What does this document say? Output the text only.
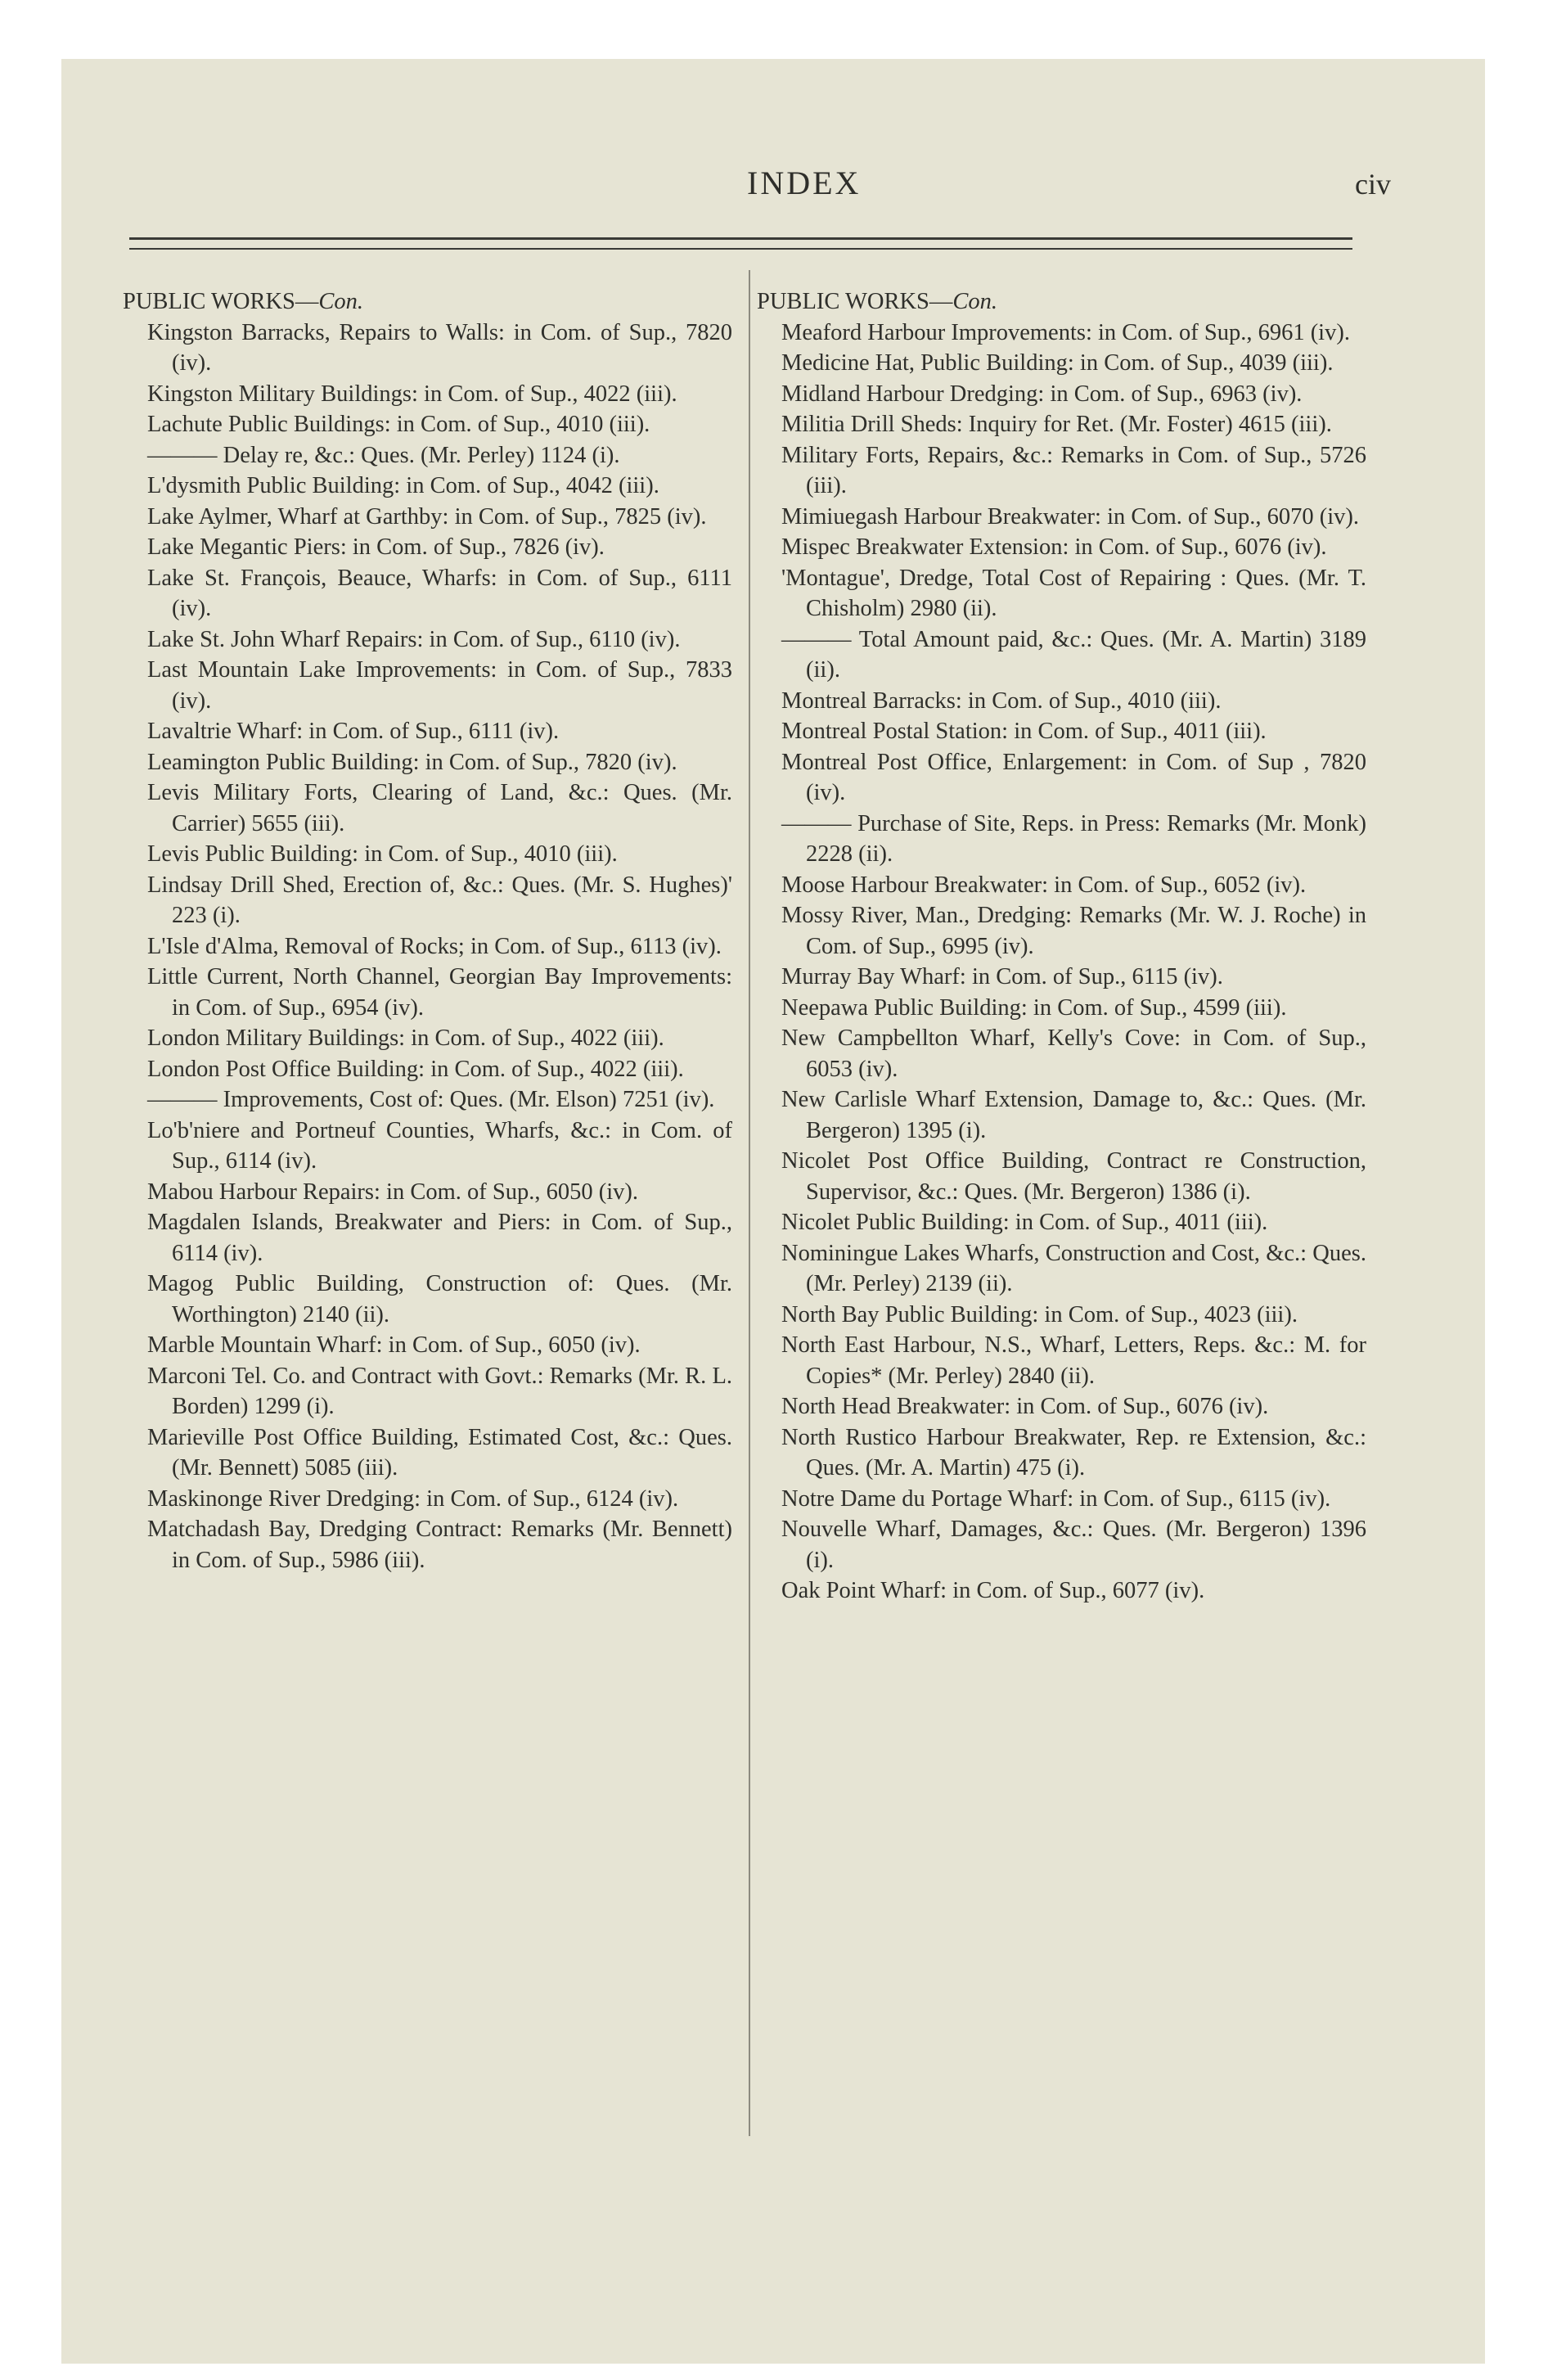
INDEX	civ
PUBLIC WORKS—Con.

Kingston Barracks, Repairs to Walls: in Com. of Sup., 7820 (iv).

Kingston Military Buildings: in Com. of Sup., 4022 (iii).

Lachute Public Buildings: in Com. of Sup., 4010 (iii).

——— Delay re, &c.: Ques. (Mr. Perley) 1124 (i).

L'dysmith Public Building: in Com. of Sup., 4042 (iii).

Lake Aylmer, Wharf at Garthby: in Com. of Sup., 7825 (iv).

Lake Megantic Piers: in Com. of Sup., 7826 (iv).

Lake St. François, Beauce, Wharfs: in Com. of Sup., 6111 (iv).

Lake St. John Wharf Repairs: in Com. of Sup., 6110 (iv).

Last Mountain Lake Improvements: in Com. of Sup., 7833 (iv).

Lavaltrie Wharf: in Com. of Sup., 6111 (iv).

Leamington Public Building: in Com. of Sup., 7820 (iv).

Levis Military Forts, Clearing of Land, &c.: Ques. (Mr. Carrier) 5655 (iii).

Levis Public Building: in Com. of Sup., 4010 (iii).

Lindsay Drill Shed, Erection of, &c.: Ques. (Mr. S. Hughes)' 223 (i).

L'Isle d'Alma, Removal of Rocks; in Com. of Sup., 6113 (iv).

Little Current, North Channel, Georgian Bay Improvements: in Com. of Sup., 6954 (iv).

London Military Buildings: in Com. of Sup., 4022 (iii).

London Post Office Building: in Com. of Sup., 4022 (iii).

——— Improvements, Cost of: Ques. (Mr. Elson) 7251 (iv).

Lo'b'niere and Portneuf Counties, Wharfs, &c.: in Com. of Sup., 6114 (iv).

Mabou Harbour Repairs: in Com. of Sup., 6050 (iv).

Magdalen Islands, Breakwater and Piers: in Com. of Sup., 6114 (iv).

Magog Public Building, Construction of: Ques. (Mr. Worthington) 2140 (ii).

Marble Mountain Wharf: in Com. of Sup., 6050 (iv).

Marconi Tel. Co. and Contract with Govt.: Remarks (Mr. R. L. Borden) 1299 (i).

Marieville Post Office Building, Estimated Cost, &c.: Ques. (Mr. Bennett) 5085 (iii).

Maskinonge River Dredging: in Com. of Sup., 6124 (iv).

Matchadash Bay, Dredging Contract: Remarks (Mr. Bennett) in Com. of Sup., 5986 (iii).

PUBLIC WORKS—Con.

Meaford Harbour Improvements: in Com. of Sup., 6961 (iv).

Medicine Hat, Public Building: in Com. of Sup., 4039 (iii).

Midland Harbour Dredging: in Com. of Sup., 6963 (iv).

Militia Drill Sheds: Inquiry for Ret. (Mr. Foster) 4615 (iii).

Military Forts, Repairs, &c.: Remarks in Com. of Sup., 5726 (iii).

Mimiuegash Harbour Breakwater: in Com. of Sup., 6070 (iv).

Mispec Breakwater Extension: in Com. of Sup., 6076 (iv).

'Montague', Dredge, Total Cost of Repairing : Ques. (Mr. T. Chisholm) 2980 (ii).

——— Total Amount paid, &c.: Ques. (Mr. A. Martin) 3189 (ii).

Montreal Barracks: in Com. of Sup., 4010 (iii).

Montreal Postal Station: in Com. of Sup., 4011 (iii).

Montreal Post Office, Enlargement: in Com. of Sup , 7820 (iv).

——— Purchase of Site, Reps. in Press: Remarks (Mr. Monk) 2228 (ii).

Moose Harbour Breakwater: in Com. of Sup., 6052 (iv).

Mossy River, Man., Dredging: Remarks (Mr. W. J. Roche) in Com. of Sup., 6995 (iv).

Murray Bay Wharf: in Com. of Sup., 6115 (iv).

Neepawa Public Building: in Com. of Sup., 4599 (iii).

New Campbellton Wharf, Kelly's Cove: in Com. of Sup., 6053 (iv).

New Carlisle Wharf Extension, Damage to, &c.: Ques. (Mr. Bergeron) 1395 (i).

Nicolet Post Office Building, Contract re Construction, Supervisor, &c.: Ques. (Mr. Bergeron) 1386 (i).

Nicolet Public Building: in Com. of Sup., 4011 (iii).

Nominingue Lakes Wharfs, Construction and Cost, &c.: Ques. (Mr. Perley) 2139 (ii).

North Bay Public Building: in Com. of Sup., 4023 (iii).

North East Harbour, N.S., Wharf, Letters, Reps. &c.: M. for Copies* (Mr. Perley) 2840 (ii).

North Head Breakwater: in Com. of Sup., 6076 (iv).

North Rustico Harbour Breakwater, Rep. re Extension, &c.: Ques. (Mr. A. Martin) 475 (i).

Notre Dame du Portage Wharf: in Com. of Sup., 6115 (iv).

Nouvelle Wharf, Damages, &c.: Ques. (Mr. Bergeron) 1396 (i).

Oak Point Wharf: in Com. of Sup., 6077 (iv).
